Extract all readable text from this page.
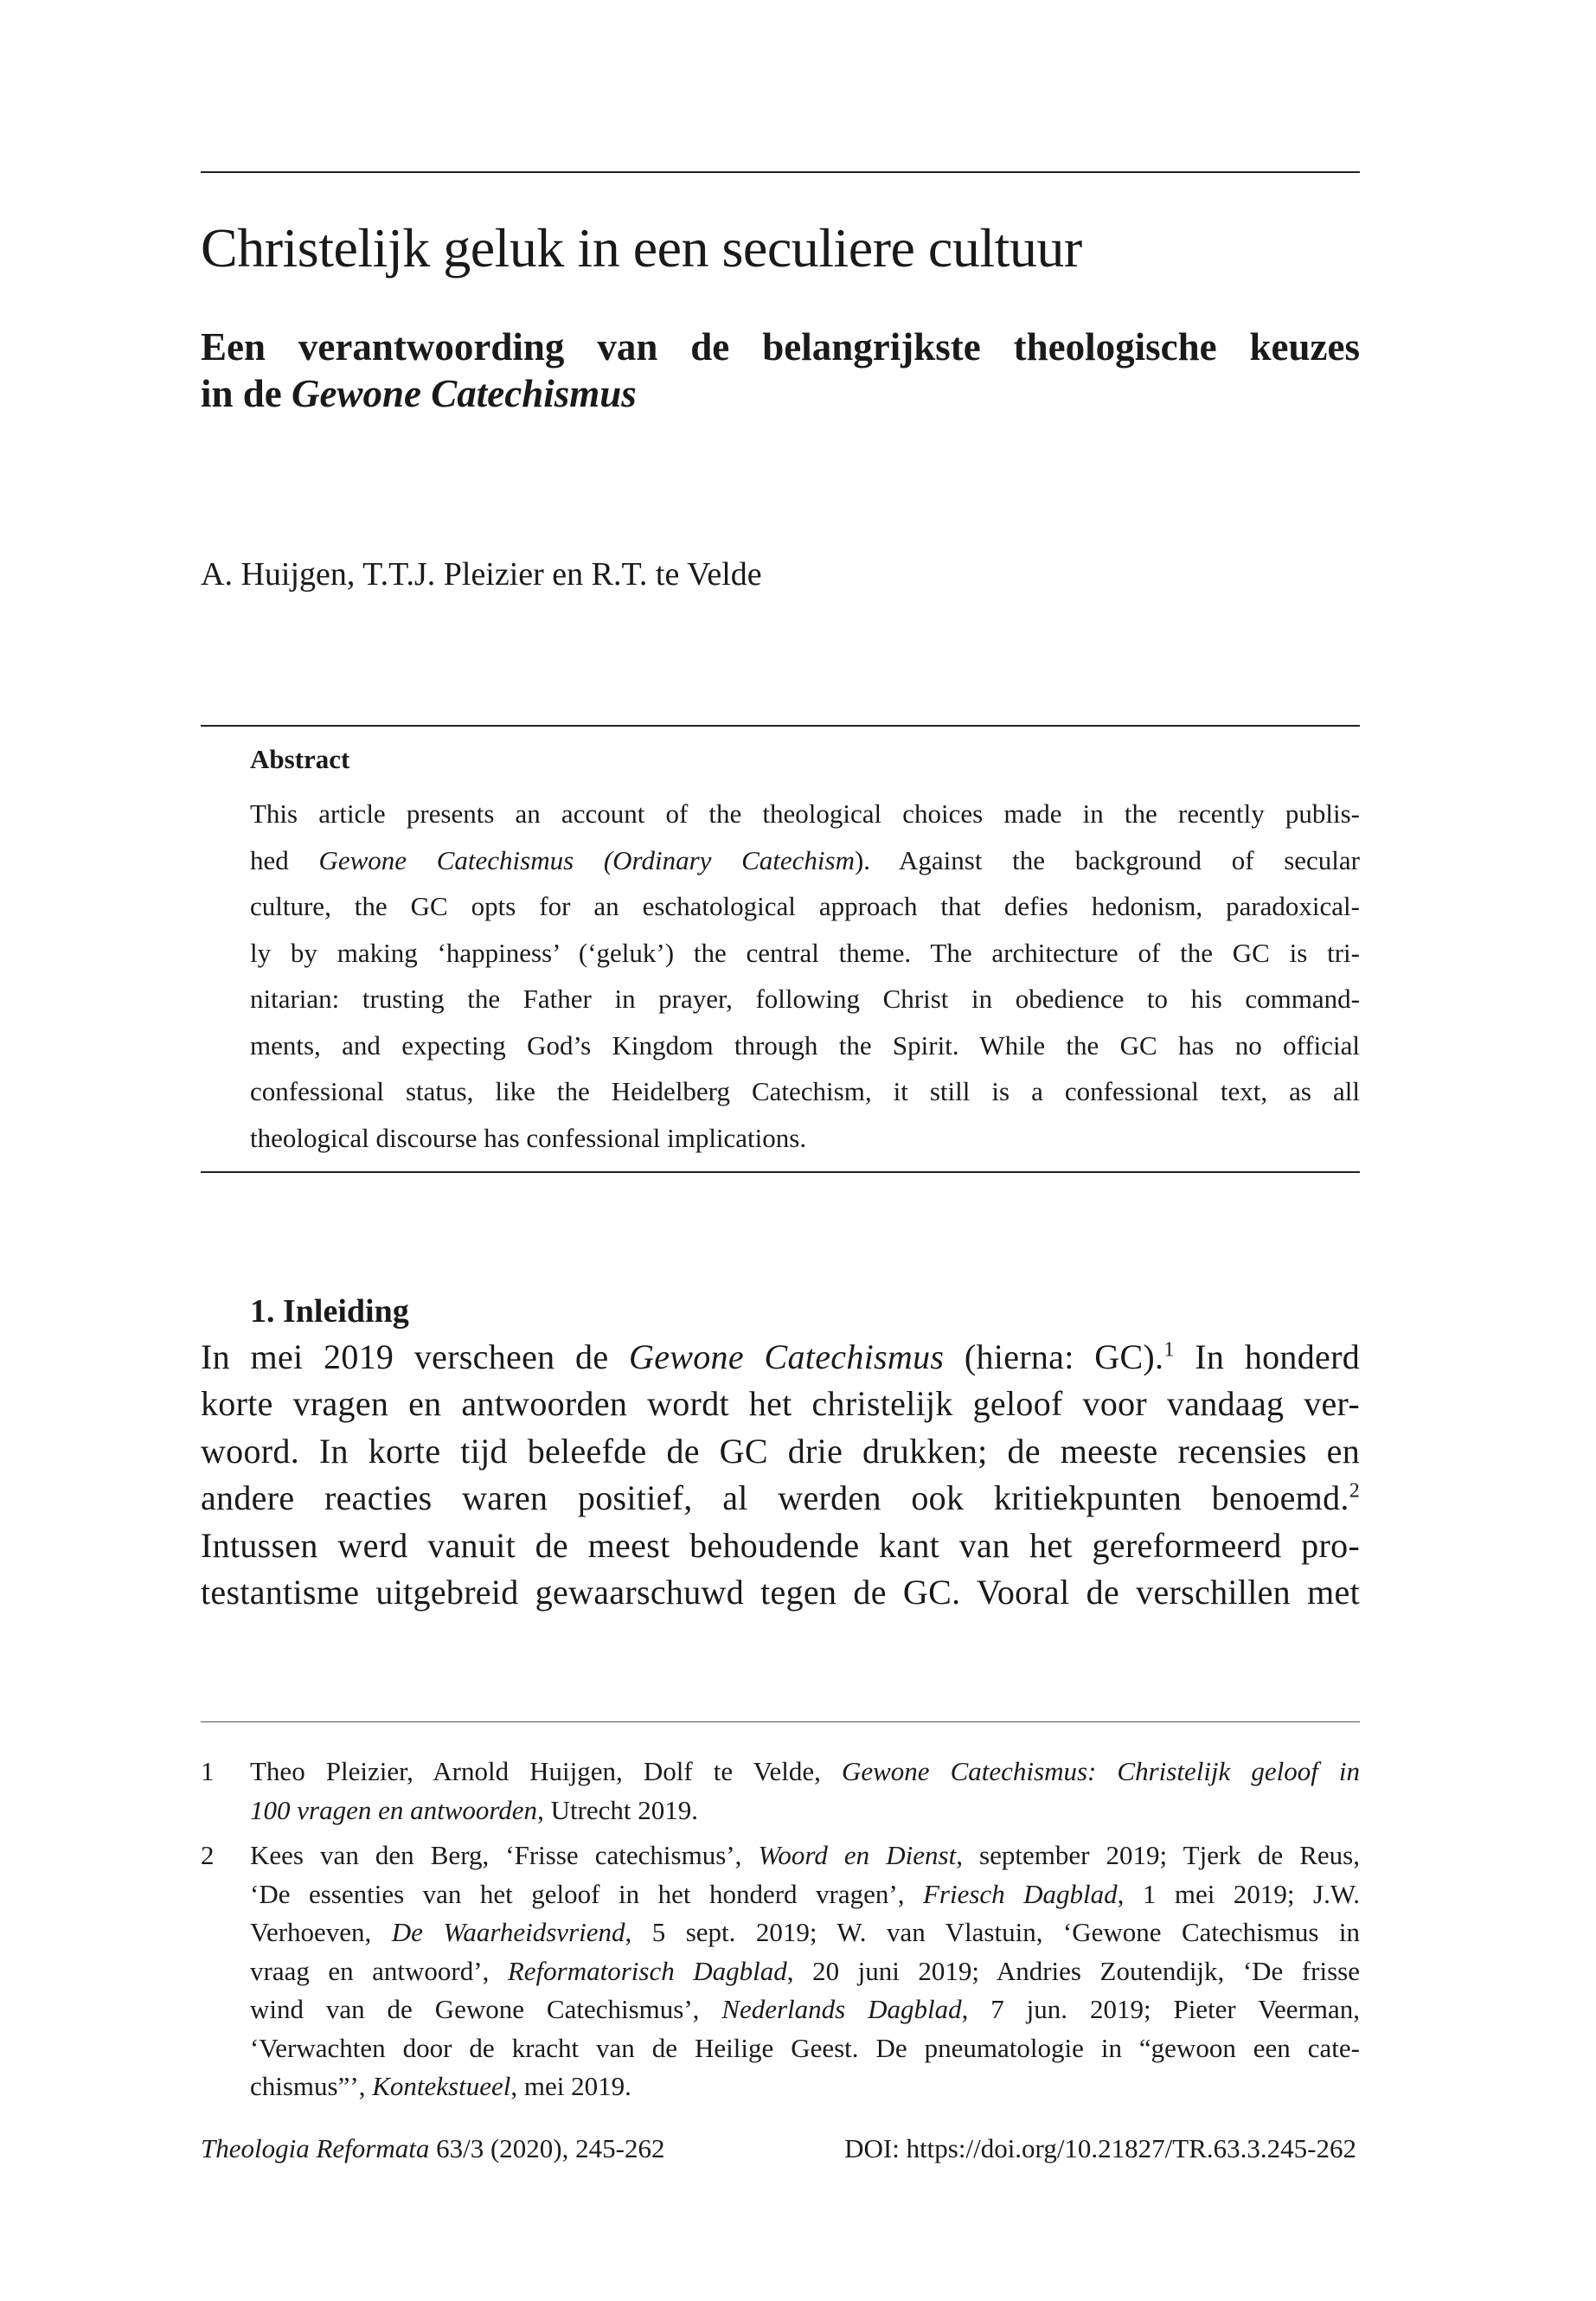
Christelijk geluk in een seculiere cultuur
Een verantwoording van de belangrijkste theologische keuzes
in de Gewone Catechismus
A. Huijgen, T.T.J. Pleizier en R.T. te Velde
Abstract
This article presents an account of the theological choices made in the recently publis-
hed Gewone Catechismus (Ordinary Catechism). Against the background of secular
culture, the GC opts for an eschatological approach that defies hedonism, paradoxical-
ly by making ‘happiness’ (‘geluk’) the central theme. The architecture of the GC is tri-
nitarian: trusting the Father in prayer, following Christ in obedience to his command-
ments, and expecting God’s Kingdom through the Spirit. While the GC has no official
confessional status, like the Heidelberg Catechism, it still is a confessional text, as all
theological discourse has confessional implications.
1. Inleiding
In mei 2019 verscheen de Gewone Catechismus (hierna: GC).$^1$ In honderd
korte vragen en antwoorden wordt het christelijk geloof voor vandaag ver-
woord. In korte tijd beleefde de GC drie drukken; de meeste recensies en
andere reacties waren positief, al werden ook kritiekpunten benoemd.$^2$
Intussen werd vanuit de meest behoudende kant van het gereformeerd pro-
testantisme uitgebreid gewaarschuwd tegen de GC. Vooral de verschillen met
1 Theo Pleizier, Arnold Huijgen, Dolf te Velde, Gewone Catechismus: Christelijk geloof in
100 vragen en antwoorden, Utrecht 2019.
2 Kees van den Berg, ‘Frisse catechismus’, Woord en Dienst, september 2019; Tjerk de Reus,
‘De essenties van het geloof in het honderd vragen’, Friesch Dagblad, 1 mei 2019; J.W.
Verhoeven, De Waarheidsvriend, 5 sept. 2019; W. van Vlastuin, ‘Gewone Catechismus in
vraag en antwoord’, Reformatorisch Dagblad, 20 juni 2019; Andries Zoutendijk, ‘De frisse
wind van de Gewone Catechismus’, Nederlands Dagblad, 7 jun. 2019; Pieter Veerman,
‘Verwachten door de kracht van de Heilige Geest. De pneumatologie in “gewoon een cate-
chismus”’, Kontekstueel, mei 2019.
Theologia Reformata 63/3 (2020), 245-262	DOI: https://doi.org/10.21827/TR.63.3.245-262
